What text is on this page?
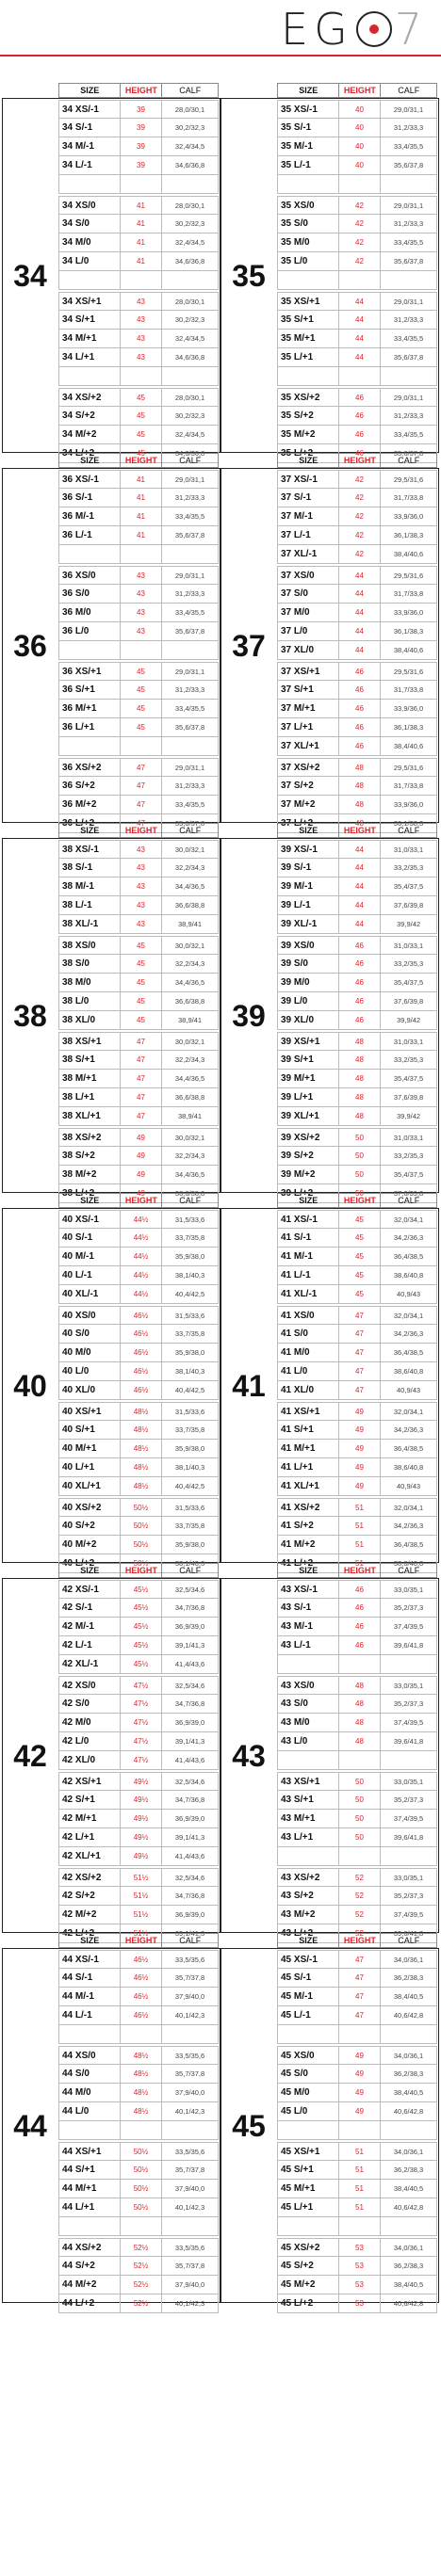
EG 7
SIZE	HEIGHT	CALF
34
34 XS/-1	39	28,0/30,1
34 S/-1	39	30,2/32,3
34 M/-1	39	32,4/34,5
34 L/-1	39	34,6/36,8
34 XS/0	41	28,0/30,1
34 S/0	41	30,2/32,3
34 M/0	41	32,4/34,5
34 L/0	41	34,6/36,8
34 XS/+1	43	28,0/30,1
34 S/+1	43	30,2/32,3
34 M/+1	43	32,4/34,5
34 L/+1	43	34,6/36,8
34 XS/+2	45	28,0/30,1
34 S/+2	45	30,2/32,3
34 M/+2	45	32,4/34,5
34 L/+2	45	34,6/36,8
SIZE	HEIGHT	CALF
35
35 XS/-1	40	29,0/31,1
35 S/-1	40	31,2/33,3
35 M/-1	40	33,4/35,5
35 L/-1	40	35,6/37,8
35 XS/0	42	29,0/31,1
35 S/0	42	31,2/33,3
35 M/0	42	33,4/35,5
35 L/0	42	35,6/37,8
35 XS/+1	44	29,0/31,1
35 S/+1	44	31,2/33,3
35 M/+1	44	33,4/35,5
35 L/+1	44	35,6/37,8
35 XS/+2	46	29,0/31,1
35 S/+2	46	31,2/33,3
35 M/+2	46	33,4/35,5
35 L/+2	46	35,6/37,8
SIZE	HEIGHT	CALF
36
36 XS/-1	41	29,0/31,1
36 S/-1	41	31,2/33,3
36 M/-1	41	33,4/35,5
36 L/-1	41	35,6/37,8
36 XS/0	43	29,0/31,1
36 S/0	43	31,2/33,3
36 M/0	43	33,4/35,5
36 L/0	43	35,6/37,8
36 XS/+1	45	29,0/31,1
36 S/+1	45	31,2/33,3
36 M/+1	45	33,4/35,5
36 L/+1	45	35,6/37,8
36 XS/+2	47	29,0/31,1
36 S/+2	47	31,2/33,3
36 M/+2	47	33,4/35,5
36 L/+2	47	35,6/37,8
SIZE	HEIGHT	CALF
37
37 XS/-1	42	29,5/31,6
37 S/-1	42	31,7/33,8
37 M/-1	42	33,9/36,0
37 L/-1	42	36,1/38,3
37 XL/-1	42	38,4/40,6
37 XS/0	44	29,5/31,6
37 S/0	44	31,7/33,8
37 M/0	44	33,9/36,0
37 L/0	44	36,1/38,3
37 XL/0	44	38,4/40,6
37 XS/+1	46	29,5/31,6
37 S/+1	46	31,7/33,8
37 M/+1	46	33,9/36,0
37 L/+1	46	36,1/38,3
37 XL/+1	46	38,4/40,6
37 XS/+2	48	29,5/31,6
37 S/+2	48	31,7/33,8
37 M/+2	48	33,9/36,0
37 L/+2	48	36,1/38,3
SIZE	HEIGHT	CALF
38
38 XS/-1	43	30,0/32,1
38 S/-1	43	32,2/34,3
38 M/-1	43	34,4/36,5
38 L/-1	43	36,6/38,8
38 XL/-1	43	38,9/41
38 XS/0	45	30,0/32,1
38 S/0	45	32,2/34,3
38 M/0	45	34,4/36,5
38 L/0	45	36,6/38,8
38 XL/0	45	38,9/41
38 XS/+1	47	30,0/32,1
38 S/+1	47	32,2/34,3
38 M/+1	47	34,4/36,5
38 L/+1	47	36,6/38,8
38 XL/+1	47	38,9/41
38 XS/+2	49	30,0/32,1
38 S/+2	49	32,2/34,3
38 M/+2	49	34,4/36,5
38 L/+2	49	36,6/38,8
SIZE	HEIGHT	CALF
39
39 XS/-1	44	31,0/33,1
39 S/-1	44	33,2/35,3
39 M/-1	44	35,4/37,5
39 L/-1	44	37,6/39,8
39 XL/-1	44	39,9/42
39 XS/0	46	31,0/33,1
39 S/0	46	33,2/35,3
39 M/0	46	35,4/37,5
39 L/0	46	37,6/39,8
39 XL/0	46	39,9/42
39 XS/+1	48	31,0/33,1
39 S/+1	48	33,2/35,3
39 M/+1	48	35,4/37,5
39 L/+1	48	37,6/39,8
39 XL/+1	48	39,9/42
39 XS/+2	50	31,0/33,1
39 S/+2	50	33,2/35,3
39 M/+2	50	35,4/37,5
39 L/+2	50	37,6/39,8
SIZE	HEIGHT	CALF
40
40 XS/-1	44½	31,5/33,6
40 S/-1	44½	33,7/35,8
40 M/-1	44½	35,9/38,0
40 L/-1	44½	38,1/40,3
40 XL/-1	44½	40,4/42,5
40 XS/0	46½	31,5/33,6
40 S/0	46½	33,7/35,8
40 M/0	46½	35,9/38,0
40 L/0	46½	38,1/40,3
40 XL/0	46½	40,4/42,5
40 XS/+1	48½	31,5/33,6
40 S/+1	48½	33,7/35,8
40 M/+1	48½	35,9/38,0
40 L/+1	48½	38,1/40,3
40 XL/+1	48½	40,4/42,5
40 XS/+2	50½	31,5/33,6
40 S/+2	50½	33,7/35,8
40 M/+2	50½	35,9/38,0
40 L/+2	50½	38,1/40,3
SIZE	HEIGHT	CALF
41
41 XS/-1	45	32,0/34,1
41 S/-1	45	34,2/36,3
41 M/-1	45	36,4/38,5
41 L/-1	45	38,6/40,8
41 XL/-1	45	40,9/43
41 XS/0	47	32,0/34,1
41 S/0	47	34,2/36,3
41 M/0	47	36,4/38,5
41 L/0	47	38,6/40,8
41 XL/0	47	40,9/43
41 XS/+1	49	32,0/34,1
41 S/+1	49	34,2/36,3
41 M/+1	49	36,4/38,5
41 L/+1	49	38,6/40,8
41 XL/+1	49	40,9/43
41 XS/+2	51	32,0/34,1
41 S/+2	51	34,2/36,3
41 M/+2	51	36,4/38,5
41 L/+2	51	38,6/40,8
SIZE	HEIGHT	CALF
42
42 XS/-1	45½	32,5/34,6
42 S/-1	45½	34,7/36,8
42 M/-1	45½	36,9/39,0
42 L/-1	45½	39,1/41,3
42 XL/-1	45½	41,4/43,6
42 XS/0	47½	32,5/34,6
42 S/0	47½	34,7/36,8
42 M/0	47½	36,9/39,0
42 L/0	47½	39,1/41,3
42 XL/0	47½	41,4/43,6
42 XS/+1	49½	32,5/34,6
42 S/+1	49½	34,7/36,8
42 M/+1	49½	36,9/39,0
42 L/+1	49½	39,1/41,3
42 XL/+1	49½	41,4/43,6
42 XS/+2	51½	32,5/34,6
42 S/+2	51½	34,7/36,8
42 M/+2	51½	36,9/39,0
42 L/+2	51½	39,1/41,3
SIZE	HEIGHT	CALF
43
43 XS/-1	46	33,0/35,1
43 S/-1	46	35,2/37,3
43 M/-1	46	37,4/39,5
43 L/-1	46	39,6/41,8
43 XS/0	48	33,0/35,1
43 S/0	48	35,2/37,3
43 M/0	48	37,4/39,5
43 L/0	48	39,6/41,8
43 XS/+1	50	33,0/35,1
43 S/+1	50	35,2/37,3
43 M/+1	50	37,4/39,5
43 L/+1	50	39,6/41,8
43 XS/+2	52	33,0/35,1
43 S/+2	52	35,2/37,3
43 M/+2	52	37,4/39,5
43 L/+2	52	39,6/41,8
SIZE	HEIGHT	CALF
44
44 XS/-1	46½	33,5/35,6
44 S/-1	46½	35,7/37,8
44 M/-1	46½	37,9/40,0
44 L/-1	46½	40,1/42,3
44 XS/0	48½	33,5/35,6
44 S/0	48½	35,7/37,8
44 M/0	48½	37,9/40,0
44 L/0	48½	40,1/42,3
44 XS/+1	50½	33,5/35,6
44 S/+1	50½	35,7/37,8
44 M/+1	50½	37,9/40,0
44 L/+1	50½	40,1/42,3
44 XS/+2	52½	33,5/35,6
44 S/+2	52½	35,7/37,8
44 M/+2	52½	37,9/40,0
44 L/+2	52½	40,1/42,3
SIZE	HEIGHT	CALF
45
45 XS/-1	47	34,0/36,1
45 S/-1	47	36,2/38,3
45 M/-1	47	38,4/40,5
45 L/-1	47	40,6/42,8
45 XS/0	49	34,0/36,1
45 S/0	49	36,2/38,3
45 M/0	49	38,4/40,5
45 L/0	49	40,6/42,8
45 XS/+1	51	34,0/36,1
45 S/+1	51	36,2/38,3
45 M/+1	51	38,4/40,5
45 L/+1	51	40,6/42,8
45 XS/+2	53	34,0/36,1
45 S/+2	53	36,2/38,3
45 M/+2	53	38,4/40,5
45 L/+2	53	40,6/42,8
